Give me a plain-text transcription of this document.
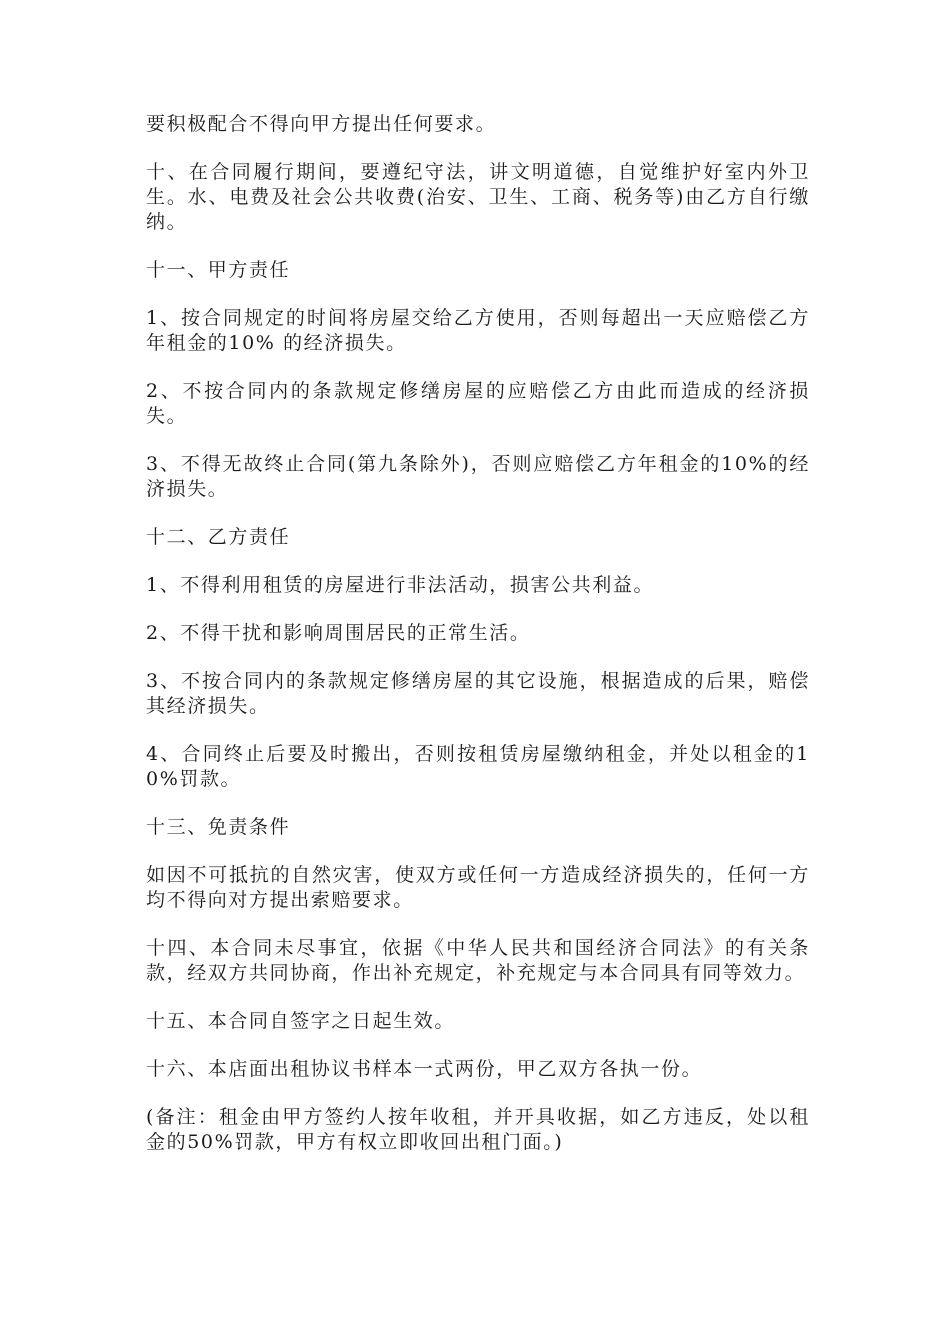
要积极配合不得向甲方提出任何要求。

十、在合同履行期间，要遵纪守法，讲文明道德，自觉维护好室内外卫生。水、电费及社会公共收费(治安、卫生、工商、税务等)由乙方自行缴纳。

十一、甲方责任

1、按合同规定的时间将房屋交给乙方使用，否则每超出一天应赔偿乙方年租金的10% 的经济损失。

2、不按合同内的条款规定修缮房屋的应赔偿乙方由此而造成的经济损失。

3、不得无故终止合同(第九条除外)，否则应赔偿乙方年租金的10%的经济损失。

十二、乙方责任

1、不得利用租赁的房屋进行非法活动，损害公共利益。

2、不得干扰和影响周围居民的正常生活。

3、不按合同内的条款规定修缮房屋的其它设施，根据造成的后果，赔偿其经济损失。

4、合同终止后要及时搬出，否则按租赁房屋缴纳租金，并处以租金的10%罚款。

十三、免责条件

如因不可抵抗的自然灾害，使双方或任何一方造成经济损失的，任何一方均不得向对方提出索赔要求。

十四、本合同未尽事宜，依据《中华人民共和国经济合同法》的有关条款，经双方共同协商，作出补充规定，补充规定与本合同具有同等效力。

十五、本合同自签字之日起生效。

十六、本店面出租协议书样本一式两份，甲乙双方各执一份。

(备注：租金由甲方签约人按年收租，并开具收据，如乙方违反，处以租金的50%罚款，甲方有权立即收回出租门面。)
